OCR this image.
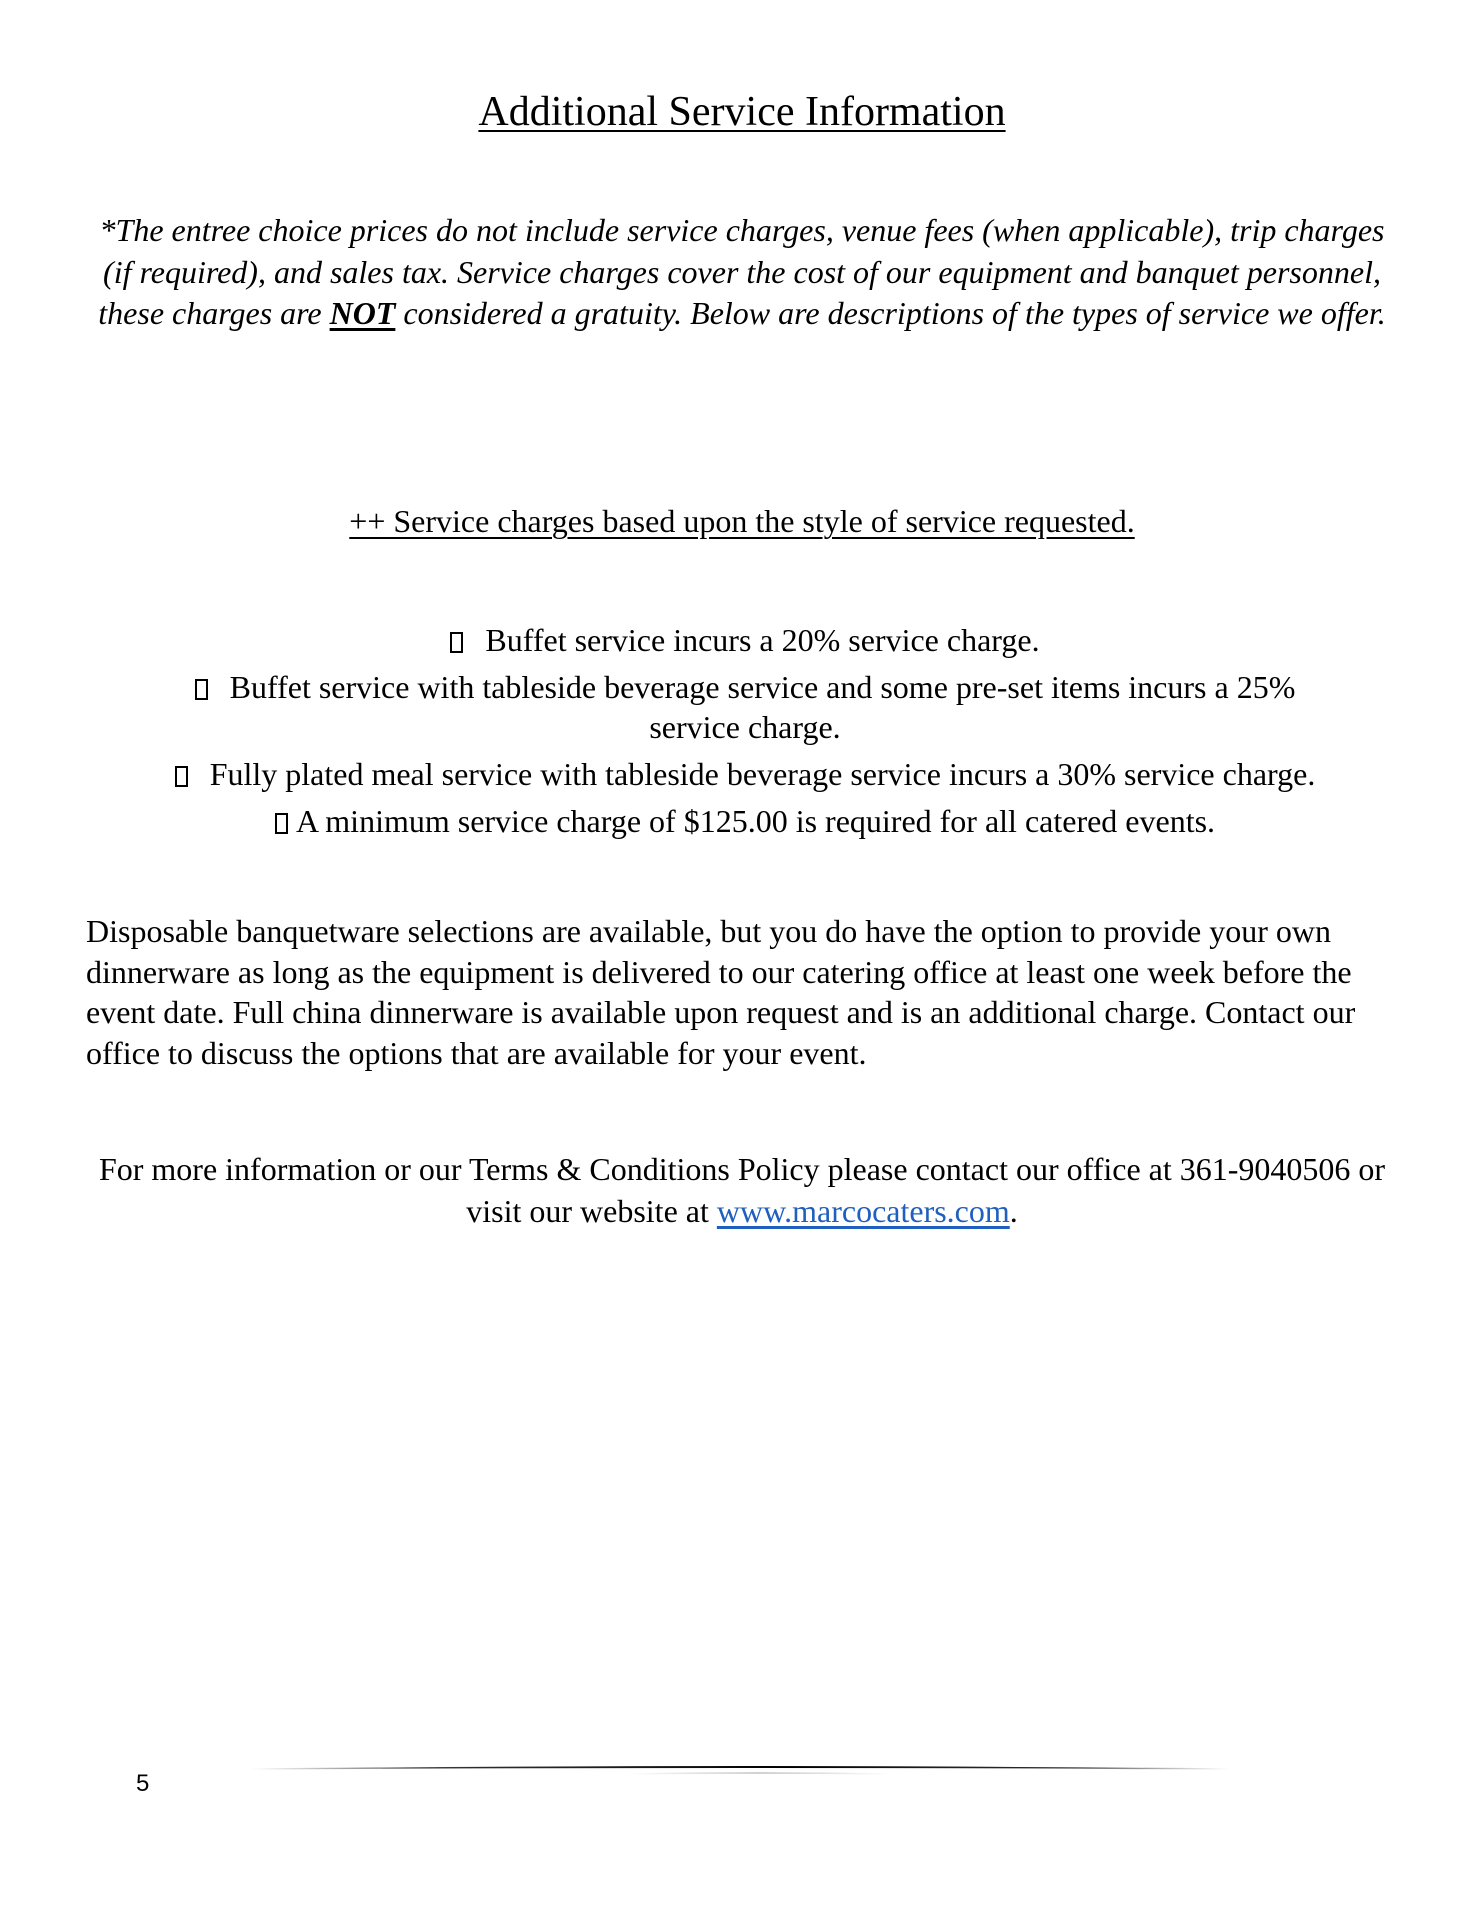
Additional Service Information

*The entree choice prices do not include service charges, venue fees (when applicable), trip charges (if required), and sales tax. Service charges cover the cost of our equipment and banquet personnel, these charges are NOT considered a gratuity. Below are descriptions of the types of service we offer.

++ Service charges based upon the style of service requested.
Buffet service incurs a 20% service charge.
Buffet service with tableside beverage service and some pre-set items incurs a 25% service charge.
Fully plated meal service with tableside beverage service incurs a 30% service charge.
A minimum service charge of $125.00 is required for all catered events.

Disposable banquetware selections are available, but you do have the option to provide your own dinnerware as long as the equipment is delivered to our catering office at least one week before the event date. Full china dinnerware is available upon request and is an additional charge. Contact our office to discuss the options that are available for your event.

For more information or our Terms & Conditions Policy please contact our office at 361-9040506 or visit our website at www.marcocaters.com.

5
